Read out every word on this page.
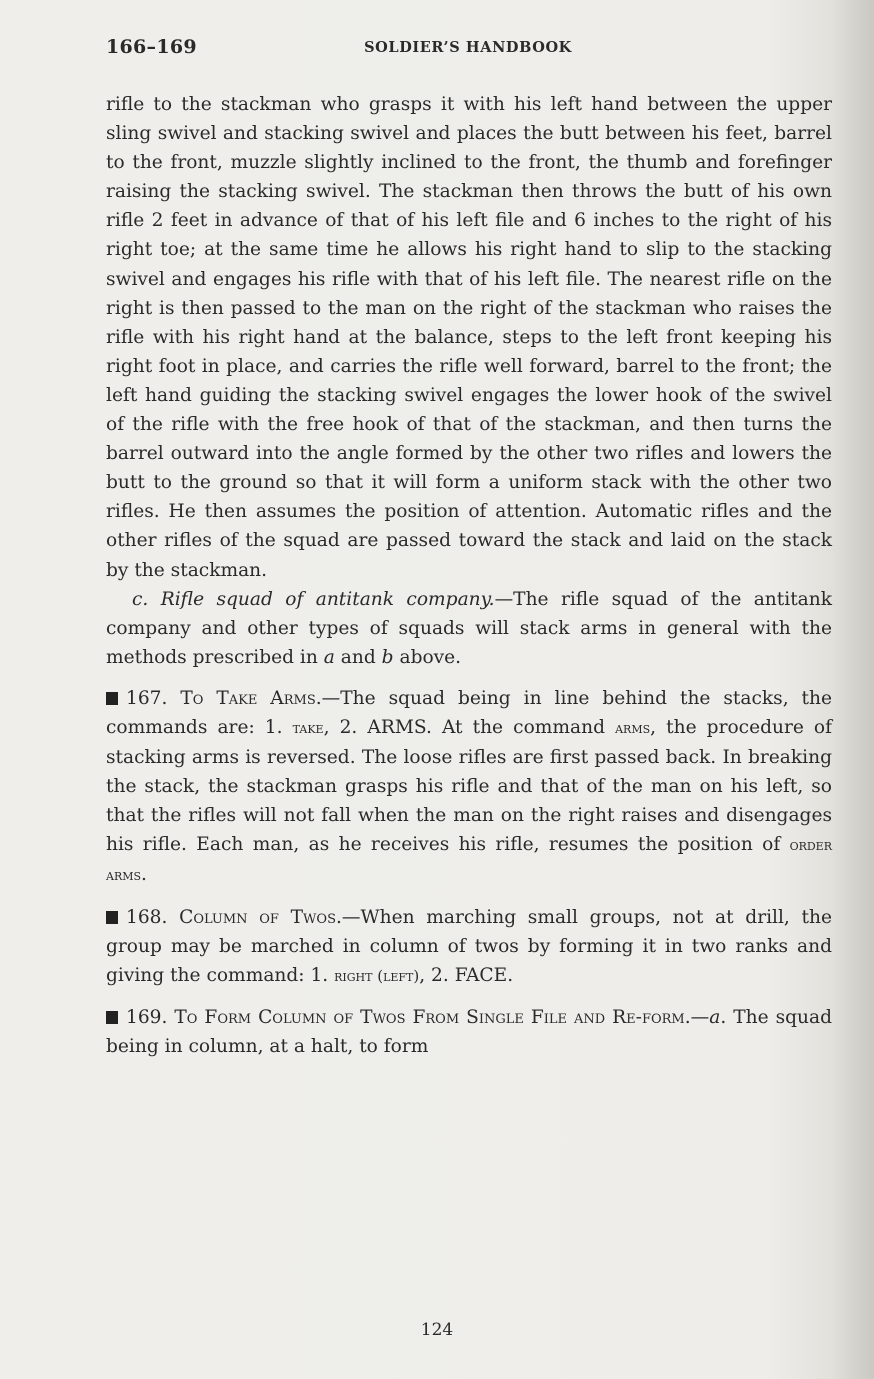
166–169	SOLDIER’S HANDBOOK

rifle to the stackman who grasps it with his left hand between the upper sling swivel and stacking swivel and places the butt between his feet, barrel to the front, muzzle slightly inclined to the front, the thumb and forefinger raising the stacking swivel. The stackman then throws the butt of his own rifle 2 feet in advance of that of his left file and 6 inches to the right of his right toe; at the same time he allows his right hand to slip to the stacking swivel and engages his rifle with that of his left file. The nearest rifle on the right is then passed to the man on the right of the stackman who raises the rifle with his right hand at the balance, steps to the left front keeping his right foot in place, and carries the rifle well forward, barrel to the front; the left hand guiding the stacking swivel engages the lower hook of the swivel of the rifle with the free hook of that of the stackman, and then turns the barrel outward into the angle formed by the other two rifles and lowers the butt to the ground so that it will form a uniform stack with the other two rifles. He then assumes the position of attention. Automatic rifles and the other rifles of the squad are passed toward the stack and laid on the stack by the stackman.

c. Rifle squad of antitank company.—The rifle squad of the antitank company and other types of squads will stack arms in general with the methods prescribed in a and b above.

167. To Take Arms.—The squad being in line behind the stacks, the commands are: 1. take, 2. ARMS. At the command arms, the procedure of stacking arms is reversed. The loose rifles are first passed back. In breaking the stack, the stackman grasps his rifle and that of the man on his left, so that the rifles will not fall when the man on the right raises and disengages his rifle. Each man, as he receives his rifle, resumes the position of order arms.

168. Column of Twos.—When marching small groups, not at drill, the group may be marched in column of twos by forming it in two ranks and giving the command: 1. right (left), 2. FACE.

169. To Form Column of Twos From Single File and Re-form.—a. The squad being in column, at a halt, to form

124
